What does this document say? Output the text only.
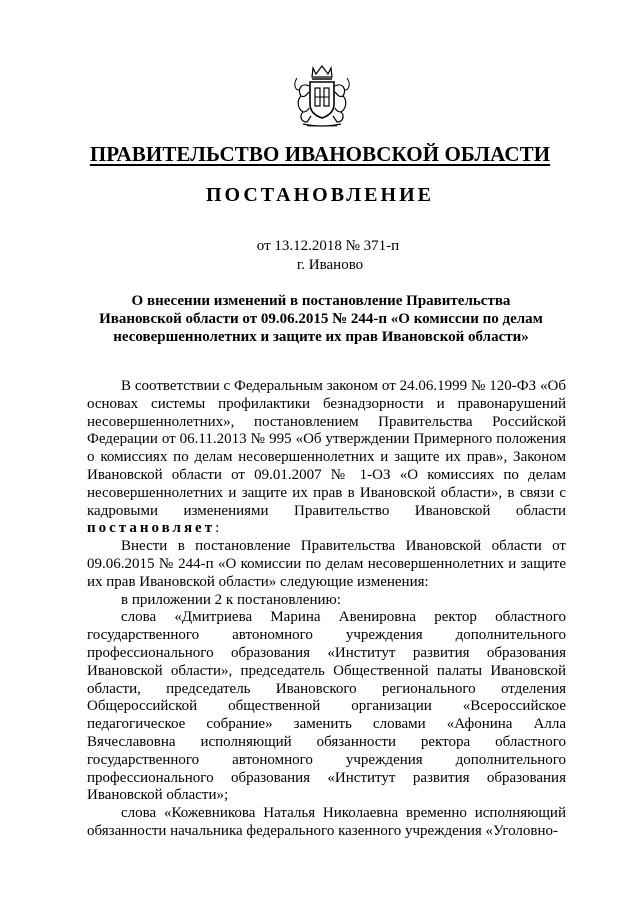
ПРАВИТЕЛЬСТВО ИВАНОВСКОЙ ОБЛАСТИ
ПОСТАНОВЛЕНИЕ
от 13.12.2018 № 371-п
г. Иваново
О внесении изменений в постановление Правительства
Ивановской области от 09.06.2015 № 244-п «О комиссии по делам
несовершеннолетних и защите их прав Ивановской области»

В соответствии с Федеральным законом от 24.06.1999 № 120-ФЗ «Об основах системы профилактики безнадзорности и правонарушений несовершеннолетних», постановлением Правительства Российской Федерации от 06.11.2013 № 995 «Об утверждении Примерного положения о комиссиях по делам несовершеннолетних и защите их прав», Законом Ивановской области от 09.01.2007 № 1-ОЗ «О комиссиях по делам несовершеннолетних и защите их прав в Ивановской области», в связи с кадровыми изменениями Правительство Ивановской области постановляет:

Внести в постановление Правительства Ивановской области от 09.06.2015 № 244-п «О комиссии по делам несовершеннолетних и защите их прав Ивановской области» следующие изменения:

в приложении 2 к постановлению:

слова «Дмитриева Марина Авенировна ректор областного государственного автономного учреждения дополнительного профессионального образования «Институт развития образования Ивановской области», председатель Общественной палаты Ивановской области, председатель Ивановского регионального отделения Общероссийской общественной организации «Всероссийское педагогическое собрание» заменить словами «Афонина Алла Вячеславовна исполняющий обязанности ректора областного государственного автономного учреждения дополнительного профессионального образования «Институт развития образования Ивановской области»;

слова «Кожевникова Наталья Николаевна временно исполняющий обязанности начальника федерального казенного учреждения «Уголовно-
